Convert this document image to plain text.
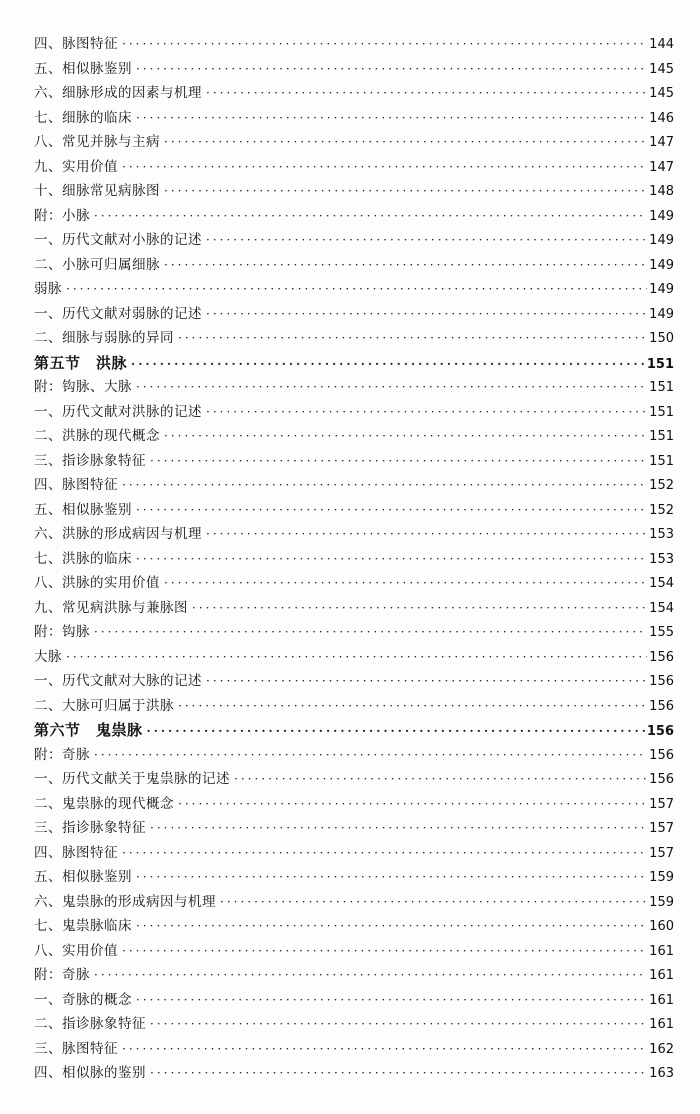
四、脉图特征 ·····	144
五、相似脉鉴别 ·····	145
六、细脉形成的因素与机理 ·····	145
七、细脉的临床 ·····	146
八、常见并脉与主病 ·····	147
九、实用价值 ·····	147
十、细脉常见病脉图 ·····	148
附：小脉 ·····	149
一、历代文献对小脉的记述 ·····	149
二、小脉可归属细脉 ·····	149
弱脉 ·····	149
一、历代文献对弱脉的记述 ·····	149
二、细脉与弱脉的异同 ·····	150
第五节　洪脉 ·····	151
附：钩脉、大脉 ·····	151
一、历代文献对洪脉的记述 ·····	151
二、洪脉的现代概念 ·····	151
三、指诊脉象特征 ·····	151
四、脉图特征 ·····	152
五、相似脉鉴别 ·····	152
六、洪脉的形成病因与机理 ·····	153
七、洪脉的临床 ·····	153
八、洪脉的实用价值 ·····	154
九、常见病洪脉与兼脉图 ·····	154
附：钩脉 ·····	155
大脉 ·····	156
一、历代文献对大脉的记述 ·····	156
二、大脉可归属于洪脉 ·····	156
第六节　鬼祟脉 ·····	156
附：奇脉 ·····	156
一、历代文献关于鬼祟脉的记述 ·····	156
二、鬼祟脉的现代概念 ·····	157
三、指诊脉象特征 ·····	157
四、脉图特征 ·····	157
五、相似脉鉴别 ·····	159
六、鬼祟脉的形成病因与机理 ·····	159
七、鬼祟脉临床 ·····	160
八、实用价值 ·····	161
附：奇脉 ·····	161
一、奇脉的概念 ·····	161
二、指诊脉象特征 ·····	161
三、脉图特征 ·····	162
四、相似脉的鉴别 ·····	163
